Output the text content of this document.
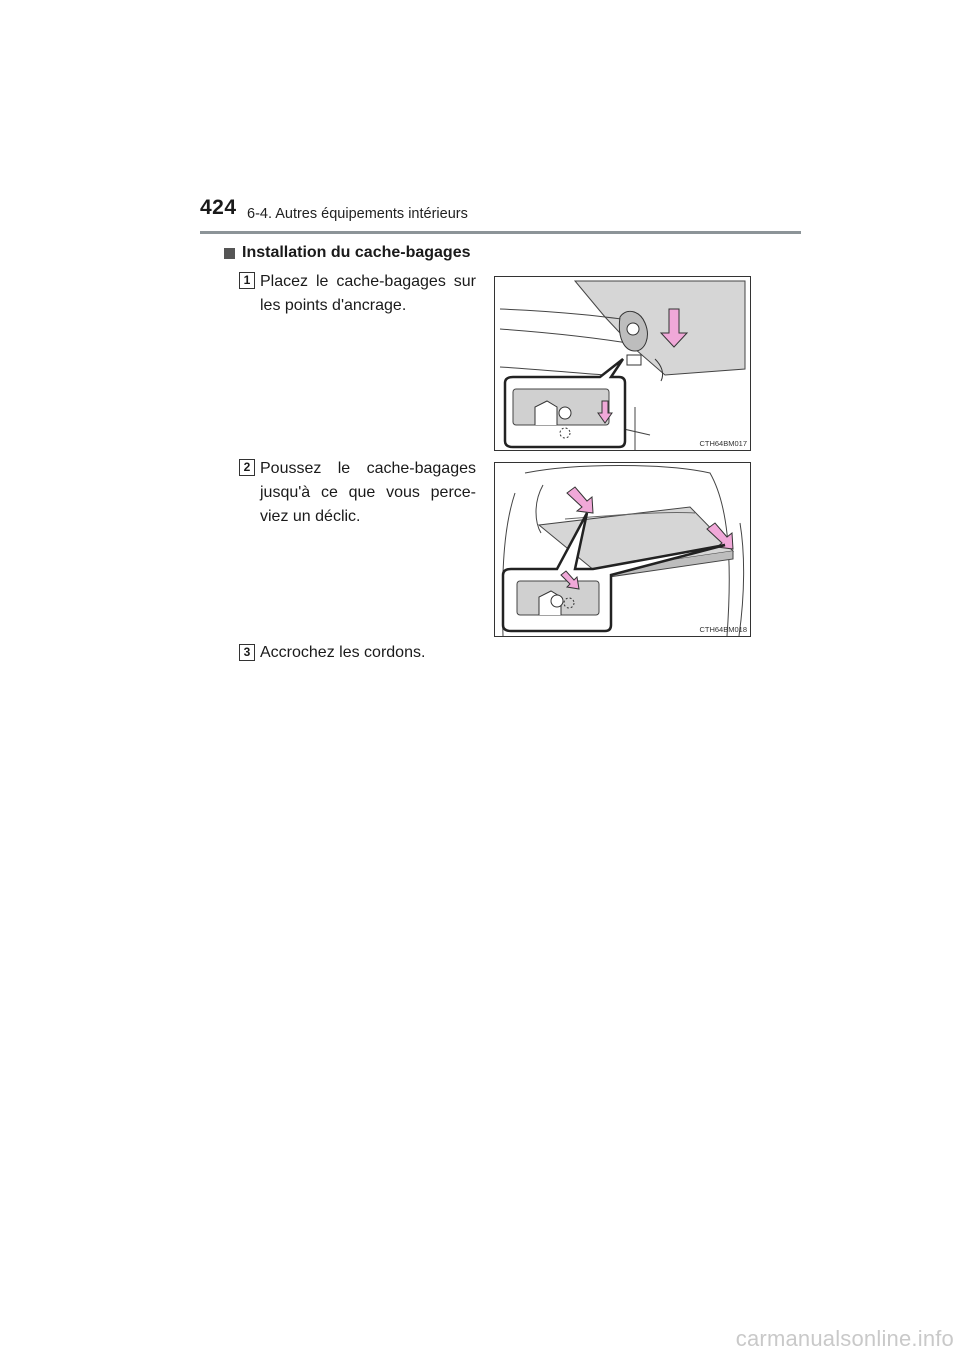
424 6-4. Autres équipements intérieurs
Installation du cache-bagages
1 Placez le cache-bagages sur les points d'ancrage.
CTH64BM017
2 Poussez le cache-bagages jusqu'à ce que vous perce-viez un déclic.
CTH64BM018
3 Accrochez les cordons.
carmanualsonline.info
